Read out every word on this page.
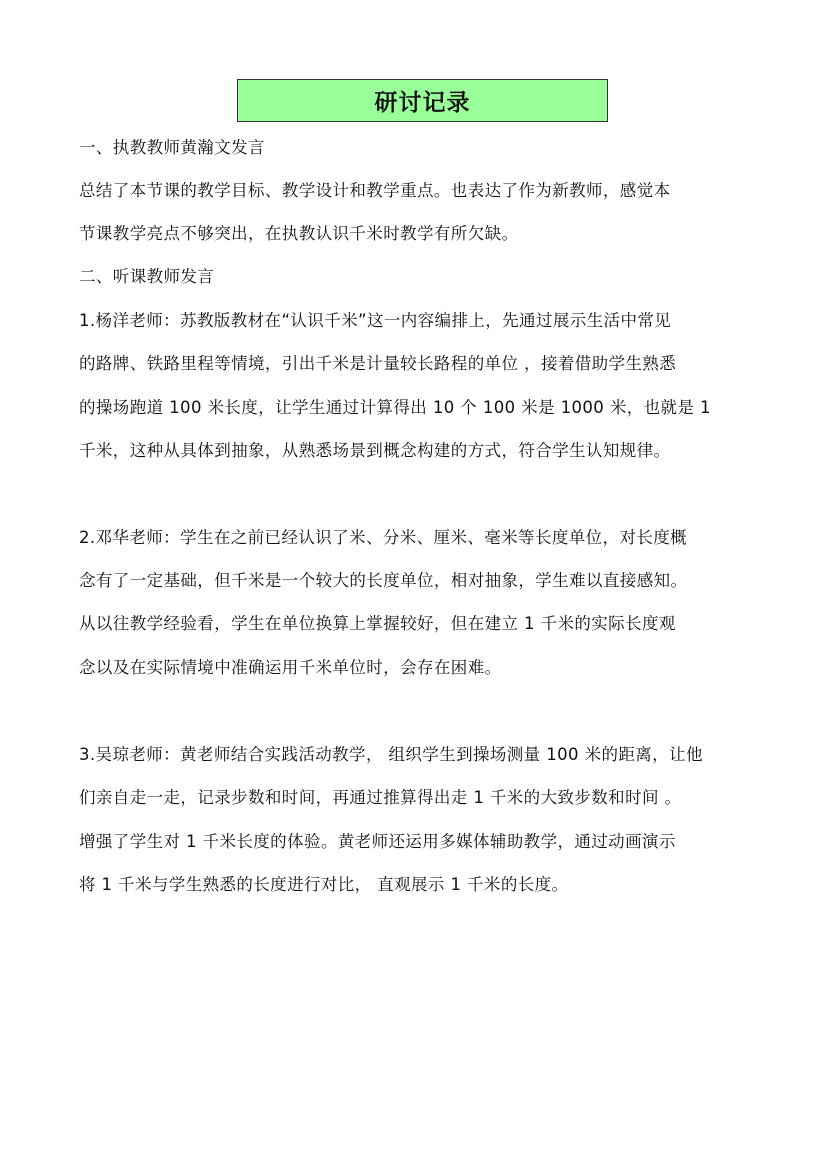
研讨记录
一、执教教师黄瀚文发言
总结了本节课的教学目标、教学设计和教学重点。也表达了作为新教师，感觉本
节课教学亮点不够突出，在执教认识千米时教学有所欠缺。
二、听课教师发言
1.杨洋老师：苏教版教材在“认识千米”这一内容编排上，先通过展示生活中常见
的路牌、铁路里程等情境，引出千米是计量较长路程的单位 ，接着借助学生熟悉
的操场跑道 100 米长度，让学生通过计算得出 10 个 100 米是 1000 米，也就是 1
千米，这种从具体到抽象，从熟悉场景到概念构建的方式，符合学生认知规律。
2.邓华老师：学生在之前已经认识了米、分米、厘米、毫米等长度单位，对长度概
念有了一定基础，但千米是一个较大的长度单位，相对抽象，学生难以直接感知。
从以往教学经验看，学生在单位换算上掌握较好，但在建立 1 千米的实际长度观
念以及在实际情境中准确运用千米单位时，会存在困难。
3.吴琼老师：黄老师结合实践活动教学， 组织学生到操场测量 100 米的距离，让他
们亲自走一走，记录步数和时间，再通过推算得出走 1 千米的大致步数和时间 。
增强了学生对 1 千米长度的体验。黄老师还运用多媒体辅助教学，通过动画演示
将 1 千米与学生熟悉的长度进行对比， 直观展示 1 千米的长度。
